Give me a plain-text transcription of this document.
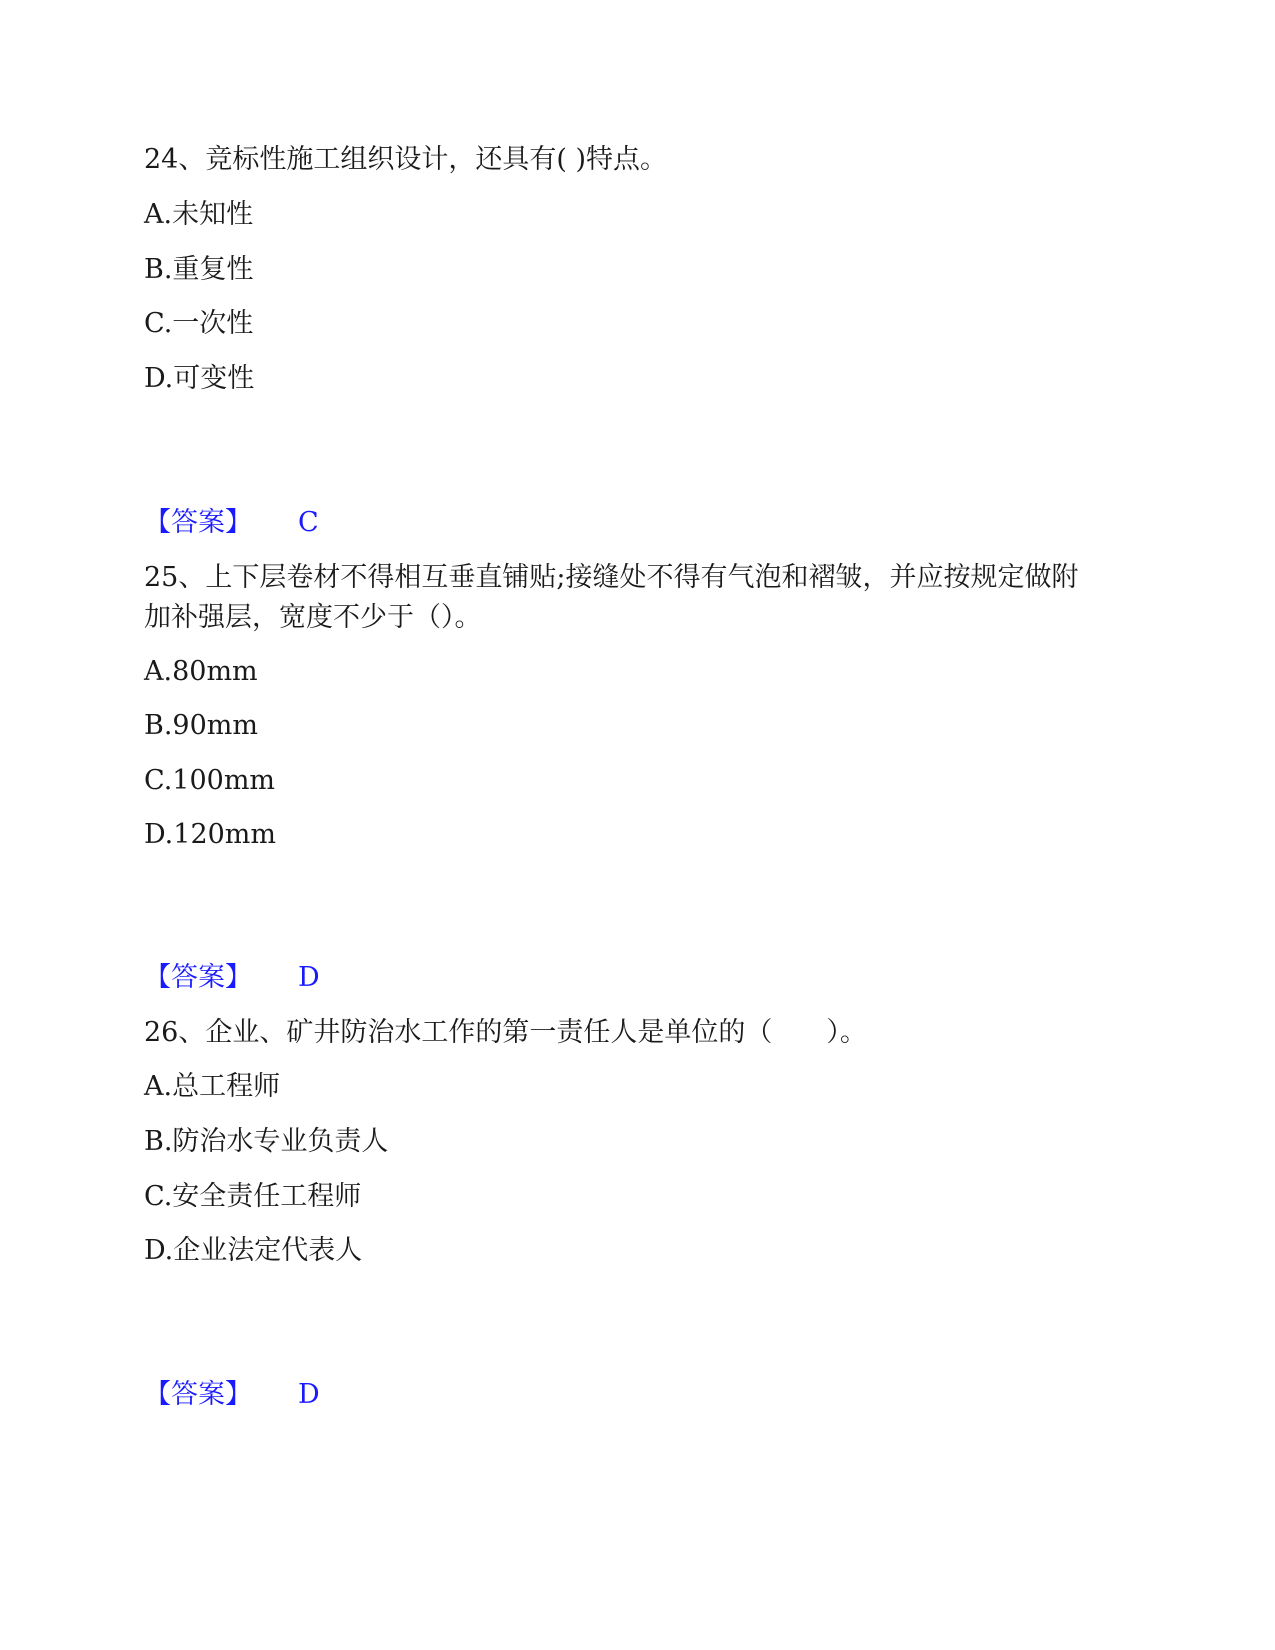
24、竞标性施工组织设计，还具有( )特点。
A.未知性
B.重复性
C.一次性
D.可变性
【答案】 C
25、上下层卷材不得相互垂直铺贴;接缝处不得有气泡和褶皱，并应按规定做附加补强层，宽度不少于（）。
A.80mm
B.90mm
C.100mm
D.120mm
【答案】 D
26、企业、矿井防治水工作的第一责任人是单位的（　　）。
A.总工程师
B.防治水专业负责人
C.安全责任工程师
D.企业法定代表人
【答案】 D
